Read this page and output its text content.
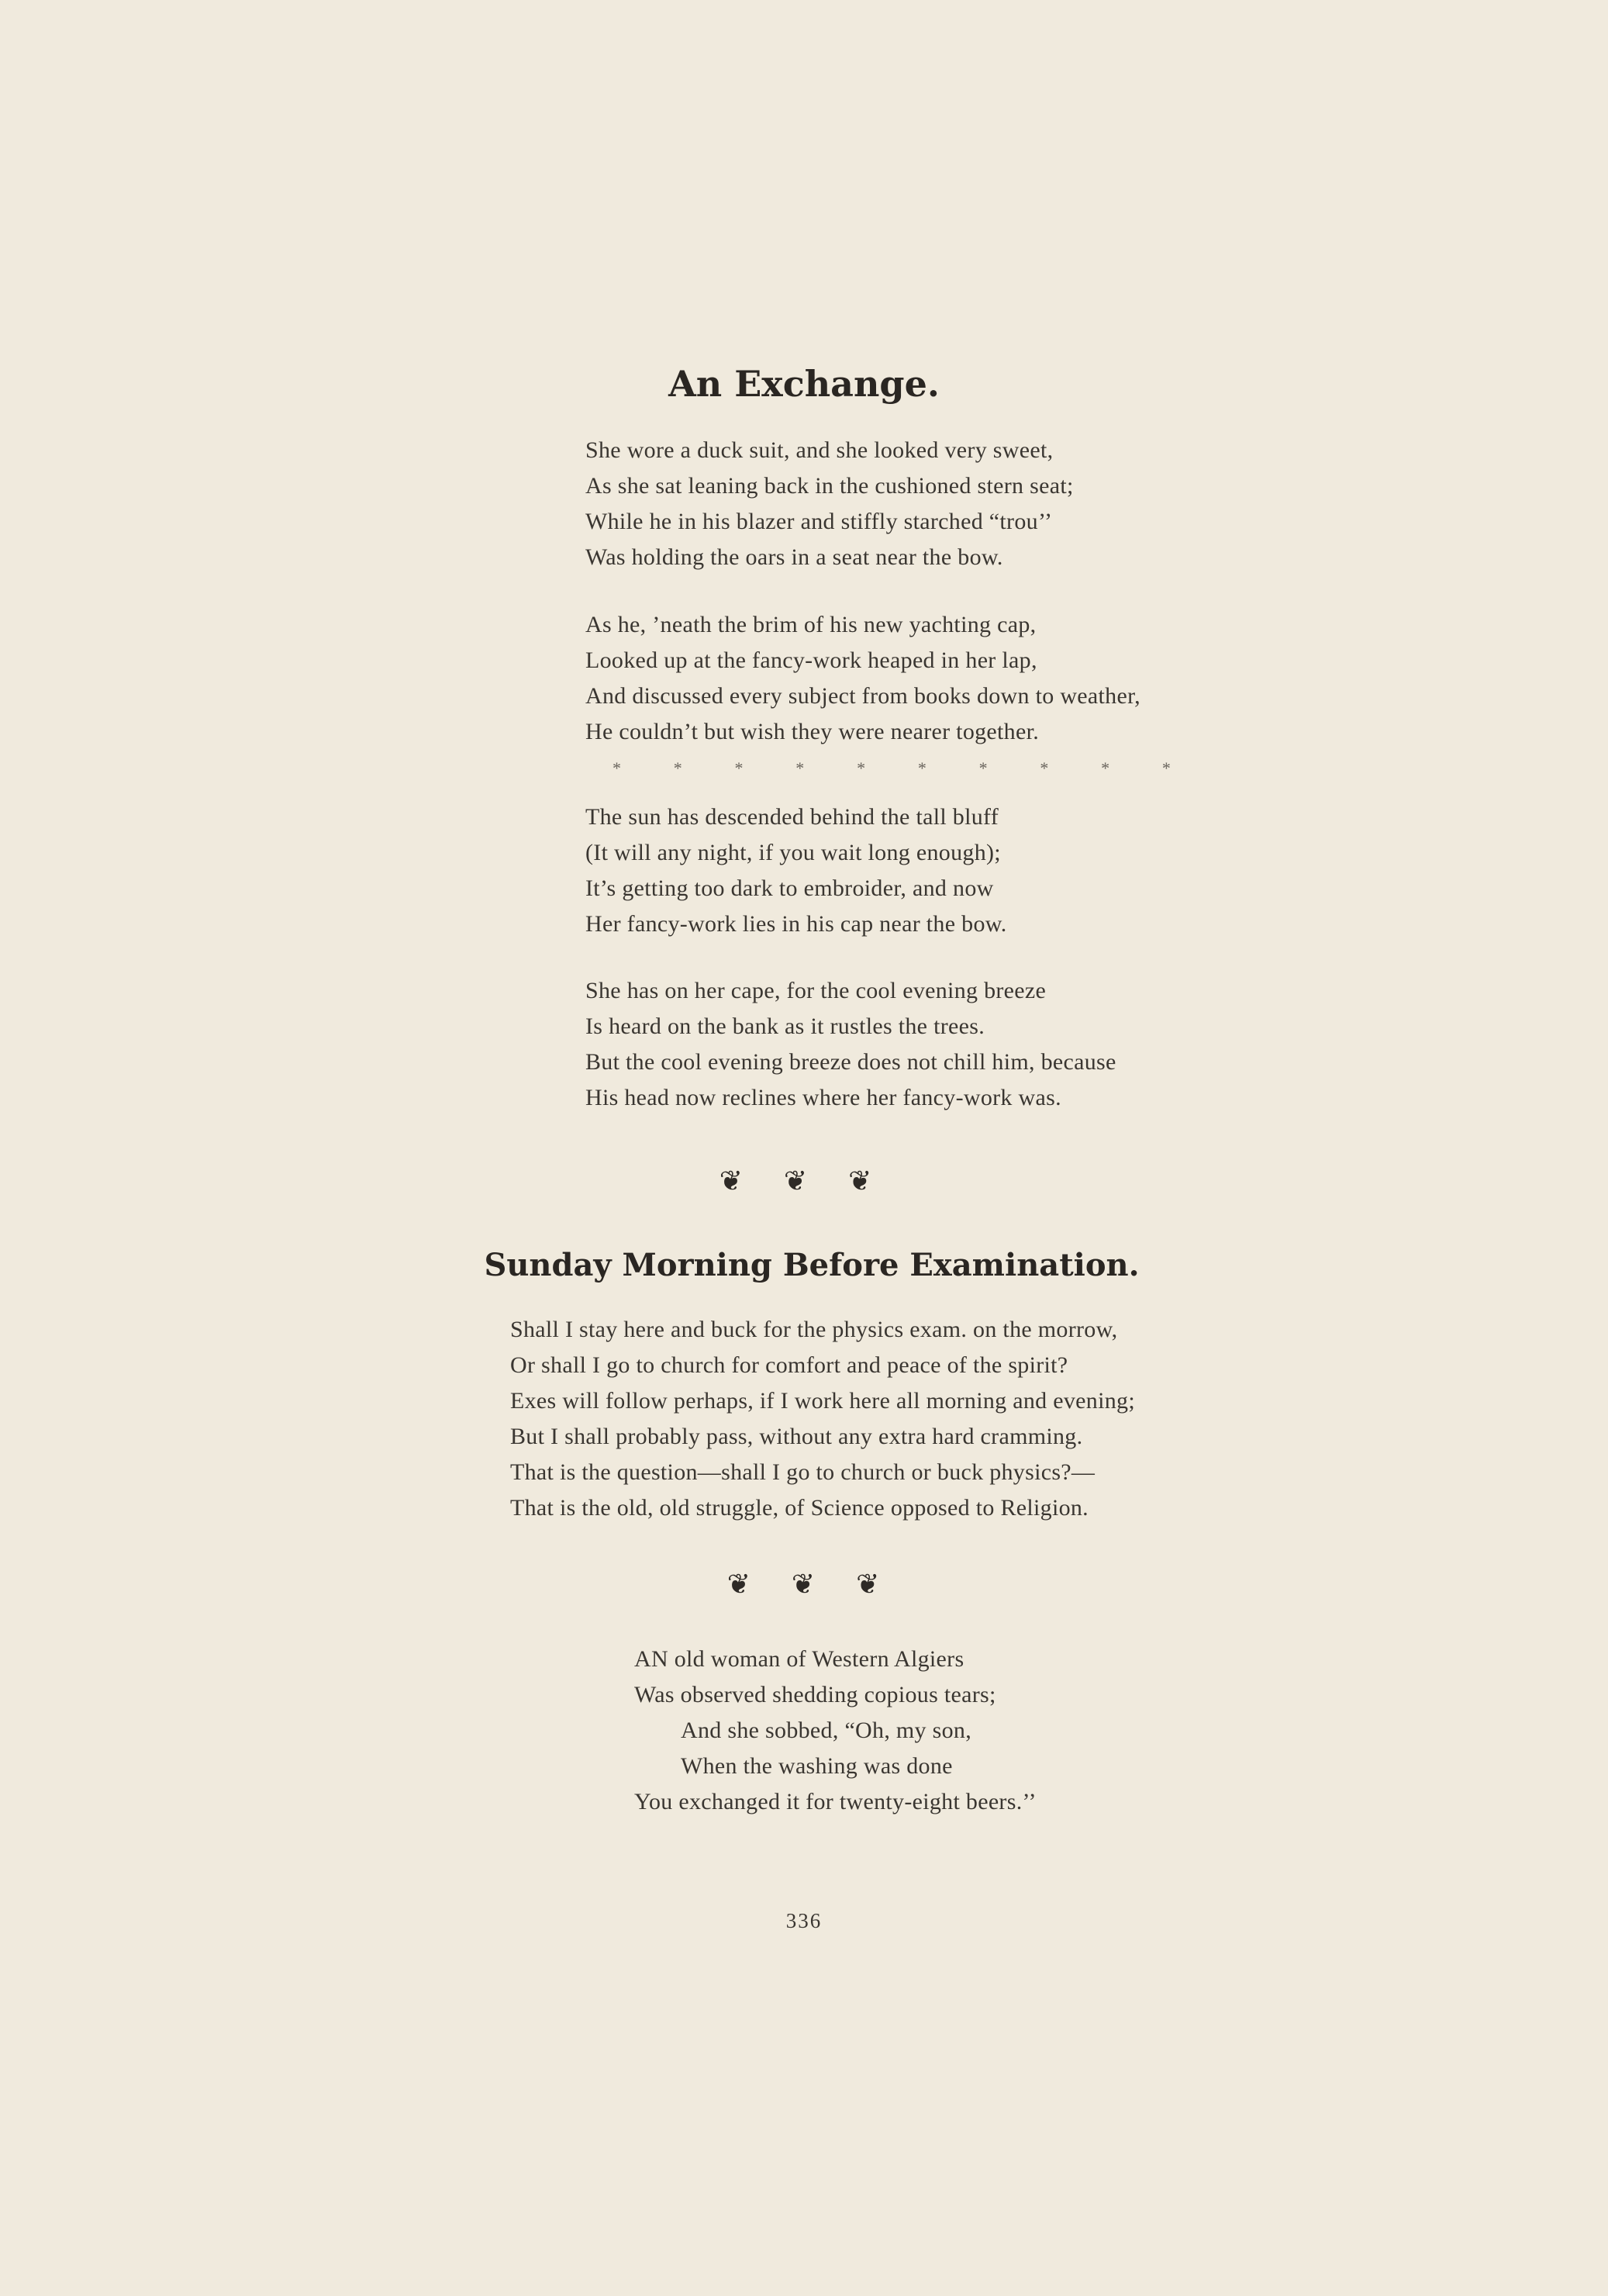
An Exchange.
She wore a duck suit, and she looked very sweet,
As she sat leaning back in the cushioned stern seat;
While he in his blazer and stiffly starched “trou’’
Was holding the oars in a seat near the bow.
As he, ’neath the brim of his new yachting cap,
Looked up at the fancy-work heaped in her lap,
And discussed every subject from books down to weather,
He couldn’t but wish they were nearer together.
*	*	*	*	*	*	*	*	*	*
The sun has descended behind the tall bluff
(It will any night, if you wait long enough);
It’s getting too dark to embroider, and now
Her fancy-work lies in his cap near the bow.
She has on her cape, for the cool evening breeze
Is heard on the bank as it rustles the trees.
But the cool evening breeze does not chill him, because
His head now reclines where her fancy-work was.
❦ ❦ ❦
Sunday Morning Before Examination.
Shall I stay here and buck for the physics exam. on the morrow,
Or shall I go to church for comfort and peace of the spirit?
Exes will follow perhaps, if I work here all morning and evening;
But I shall probably pass, without any extra hard cramming.
That is the question—shall I go to church or buck physics?—
That is the old, old struggle, of Science opposed to Religion.
❦ ❦ ❦
AN old woman of Western Algiers
Was observed shedding copious tears;
And she sobbed, “Oh, my son,
When the washing was done
You exchanged it for twenty-eight beers.’’
336
